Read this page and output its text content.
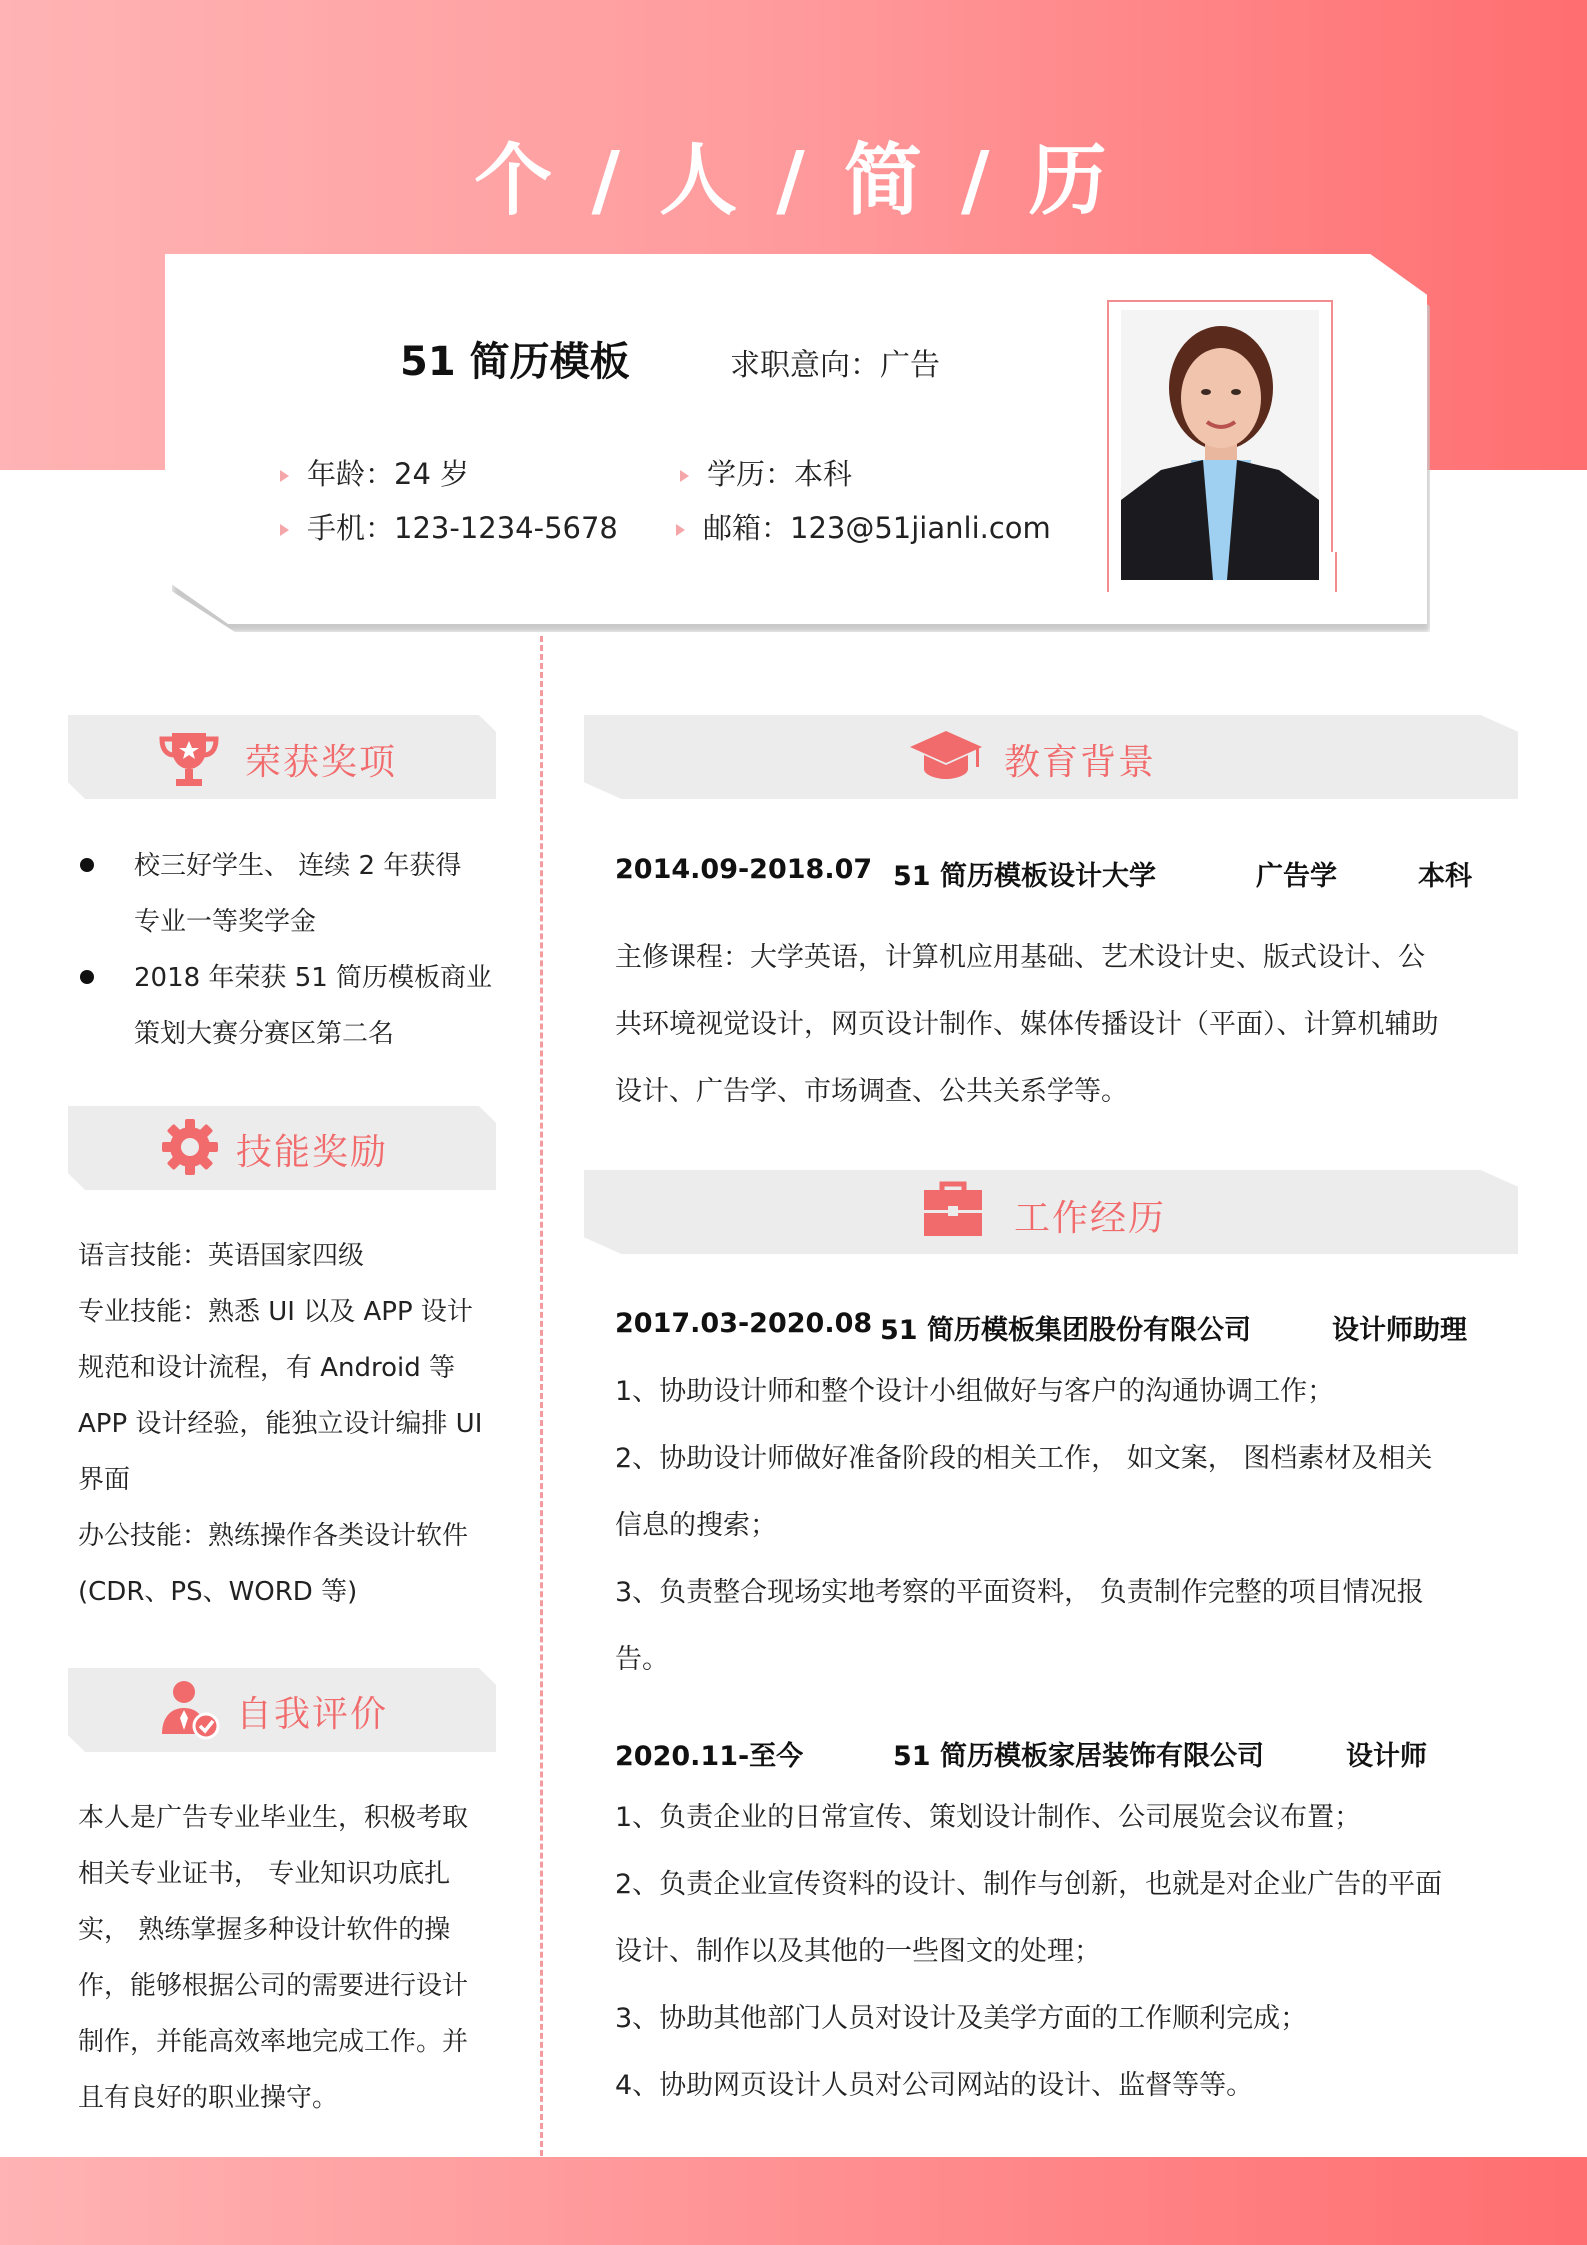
个 / 人 / 简 / 历
51 简历模板	求职意向：广告
年龄：24 岁	学历：本科
手机：123-1234-5678	邮箱：123@51jianli.com
荣获奖项
校三好学生、 连续 2 年获得
专业一等奖学金
2018 年荣获 51 简历模板商业
策划大赛分赛区第二名
技能奖励
语言技能：英语国家四级
专业技能：熟悉 UI 以及 APP 设计
规范和设计流程，有 Android 等
APP 设计经验，能独立设计编排 UI
界面
办公技能：熟练操作各类设计软件
(CDR、PS、WORD 等)
自我评价
本人是广告专业毕业生，积极考取
相关专业证书， 专业知识功底扎
实， 熟练掌握多种设计软件的操
作，能够根据公司的需要进行设计
制作，并能高效率地完成工作。并
且有良好的职业操守。
教育背景
2014.09-2018.07 51 简历模板设计大学	广告学	本科
主修课程：大学英语，计算机应用基础、艺术设计史、版式设计、公
共环境视觉设计，网页设计制作、媒体传播设计（平面）、计算机辅助
设计、广告学、市场调查、公共关系学等。
工作经历
2017.03-2020.08 51 简历模板集团股份有限公司	设计师助理
1、协助设计师和整个设计小组做好与客户的沟通协调工作；
2、协助设计师做好准备阶段的相关工作， 如文案， 图档素材及相关
信息的搜索；
3、负责整合现场实地考察的平面资料， 负责制作完整的项目情况报
告。
2020.11-至今	51 简历模板家居装饰有限公司	设计师
1、负责企业的日常宣传、策划设计制作、公司展览会议布置；
2、负责企业宣传资料的设计、制作与创新，也就是对企业广告的平面
设计、制作以及其他的一些图文的处理；
3、协助其他部门人员对设计及美学方面的工作顺利完成；
4、协助网页设计人员对公司网站的设计、监督等等。
